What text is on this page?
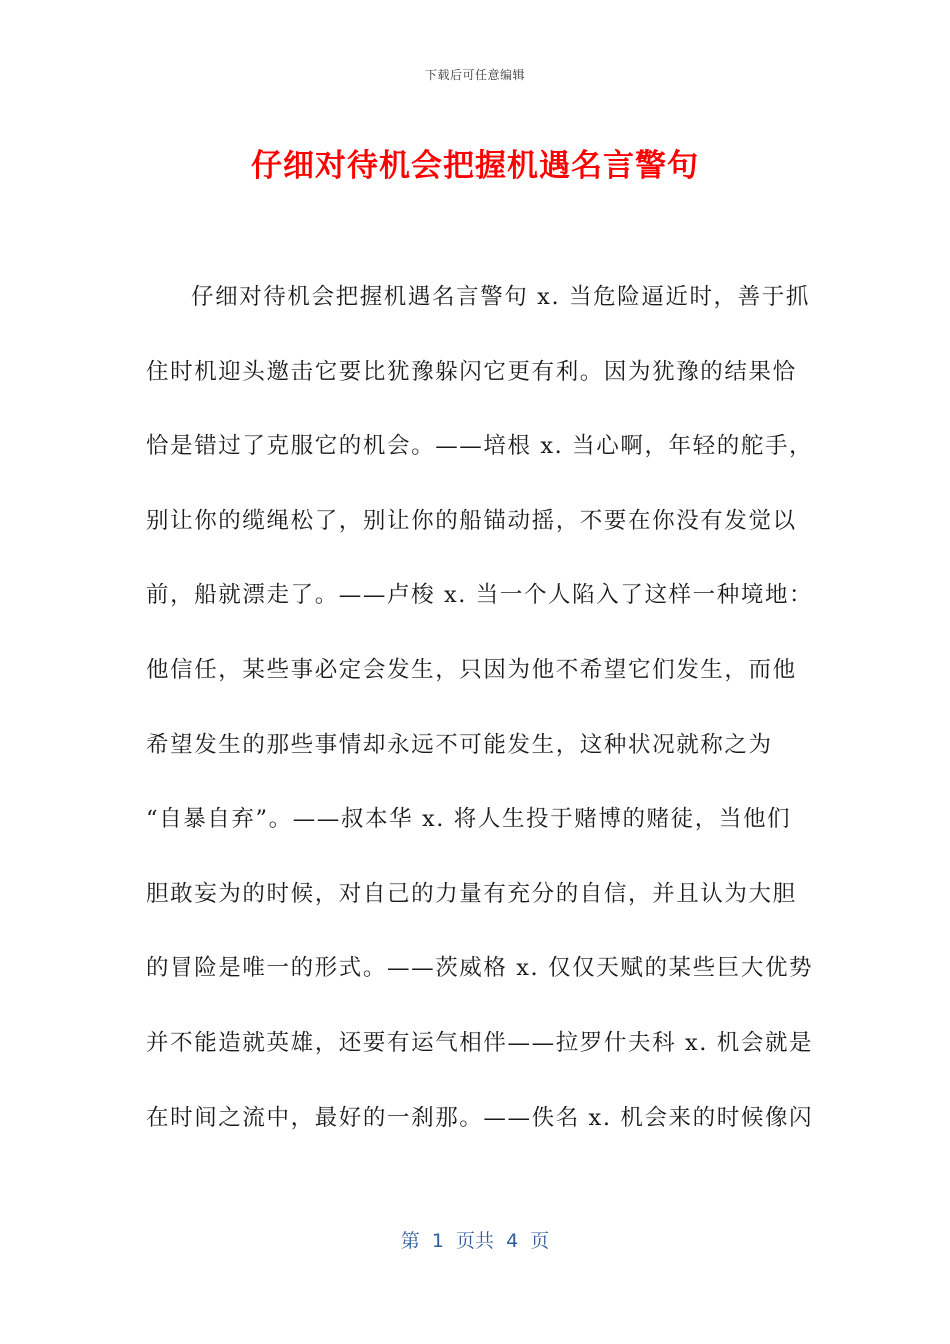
下载后可任意编辑
仔细对待机会把握机遇名言警句
仔细对待机会把握机遇名言警句 x. 当危险逼近时，善于抓
住时机迎头邀击它要比犹豫躲闪它更有利。因为犹豫的结果恰
恰是错过了克服它的机会。——培根 x. 当心啊，年轻的舵手，
别让你的缆绳松了，别让你的船锚动摇，不要在你没有发觉以
前，船就漂走了。——卢梭 x. 当一个人陷入了这样一种境地：
他信任，某些事必定会发生，只因为他不希望它们发生，而他
希望发生的那些事情却永远不可能发生，这种状况就称之为
“自暴自弃”。——叔本华 x. 将人生投于赌博的赌徒，当他们
胆敢妄为的时候，对自己的力量有充分的自信，并且认为大胆
的冒险是唯一的形式。——茨威格 x. 仅仅天赋的某些巨大优势
并不能造就英雄，还要有运气相伴——拉罗什夫科 x. 机会就是
在时间之流中，最好的一刹那。——佚名 x. 机会来的时候像闪
第  1  页共  4  页
